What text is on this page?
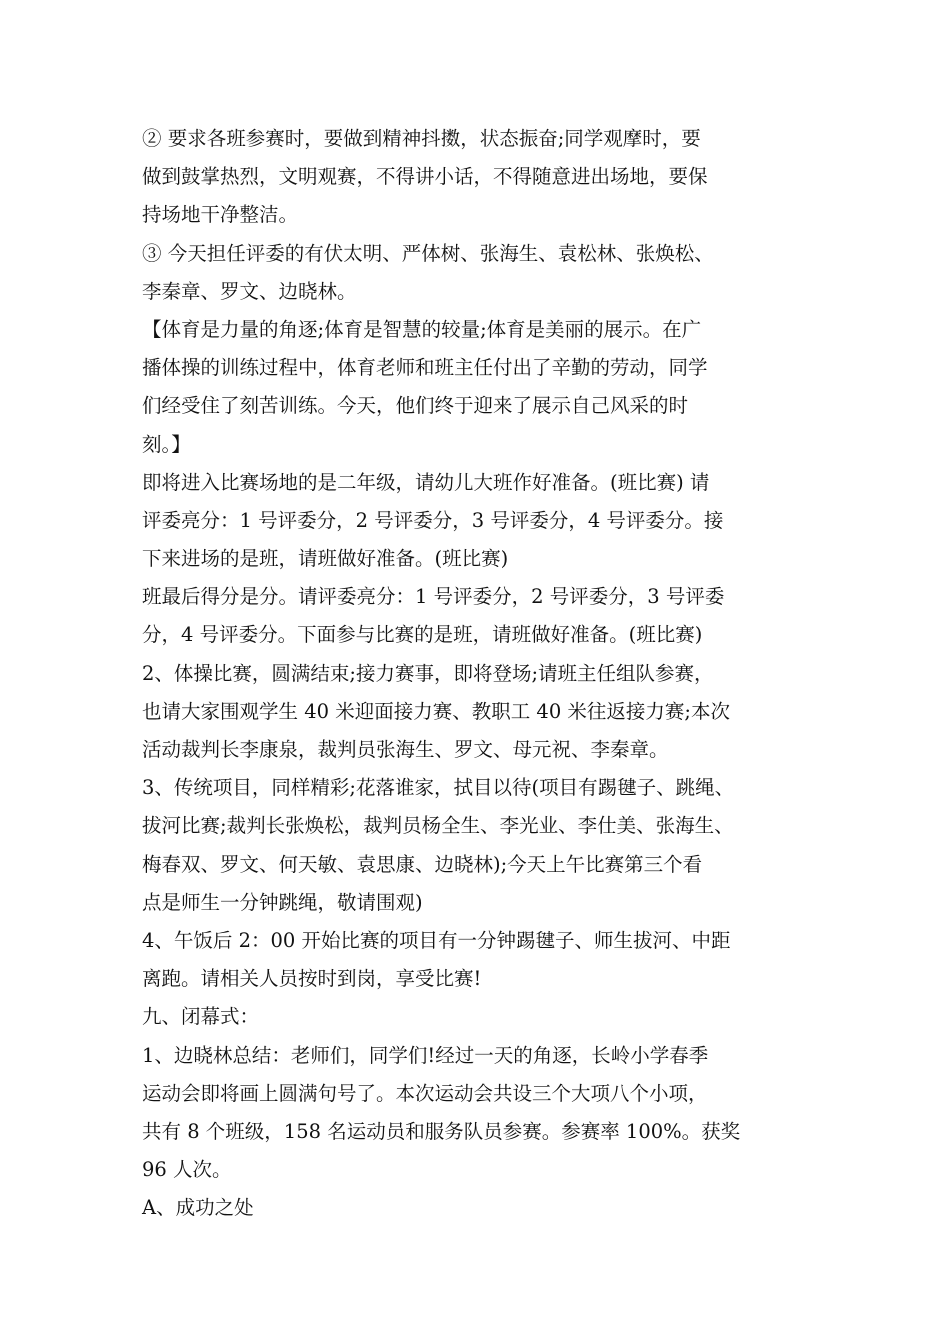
② 要求各班参赛时，要做到精神抖擞，状态振奋;同学观摩时，要
做到鼓掌热烈，文明观赛，不得讲小话，不得随意进出场地，要保
持场地干净整洁。
③ 今天担任评委的有伏太明、严体树、张海生、袁松林、张焕松、
李秦章、罗文、边晓林。
【体育是力量的角逐;体育是智慧的较量;体育是美丽的展示。在广
播体操的训练过程中，体育老师和班主任付出了辛勤的劳动，同学
们经受住了刻苦训练。今天，他们终于迎来了展示自己风采的时
刻。】
即将进入比赛场地的是二年级，请幼儿大班作好准备。(班比赛) 请
评委亮分：1 号评委分，2 号评委分，3 号评委分，4 号评委分。接
下来进场的是班，请班做好准备。(班比赛)
班最后得分是分。请评委亮分：1 号评委分，2 号评委分，3 号评委
分，4 号评委分。下面参与比赛的是班，请班做好准备。(班比赛)
2、体操比赛，圆满结束;接力赛事，即将登场;请班主任组队参赛，
也请大家围观学生 40 米迎面接力赛、教职工 40 米往返接力赛;本次
活动裁判长李康泉，裁判员张海生、罗文、母元祝、李秦章。
3、传统项目，同样精彩;花落谁家，拭目以待(项目有踢毽子、跳绳、
拔河比赛;裁判长张焕松，裁判员杨全生、李光业、李仕美、张海生、
梅春双、罗文、何天敏、袁思康、边晓林);今天上午比赛第三个看
点是师生一分钟跳绳，敬请围观)
4、午饭后 2：00 开始比赛的项目有一分钟踢毽子、师生拔河、中距
离跑。请相关人员按时到岗，享受比赛!
九、闭幕式：
1、边晓林总结：老师们，同学们!经过一天的角逐，长岭小学春季
运动会即将画上圆满句号了。本次运动会共设三个大项八个小项，
共有 8 个班级，158 名运动员和服务队员参赛。参赛率 100%。获奖
96 人次。
A、成功之处
